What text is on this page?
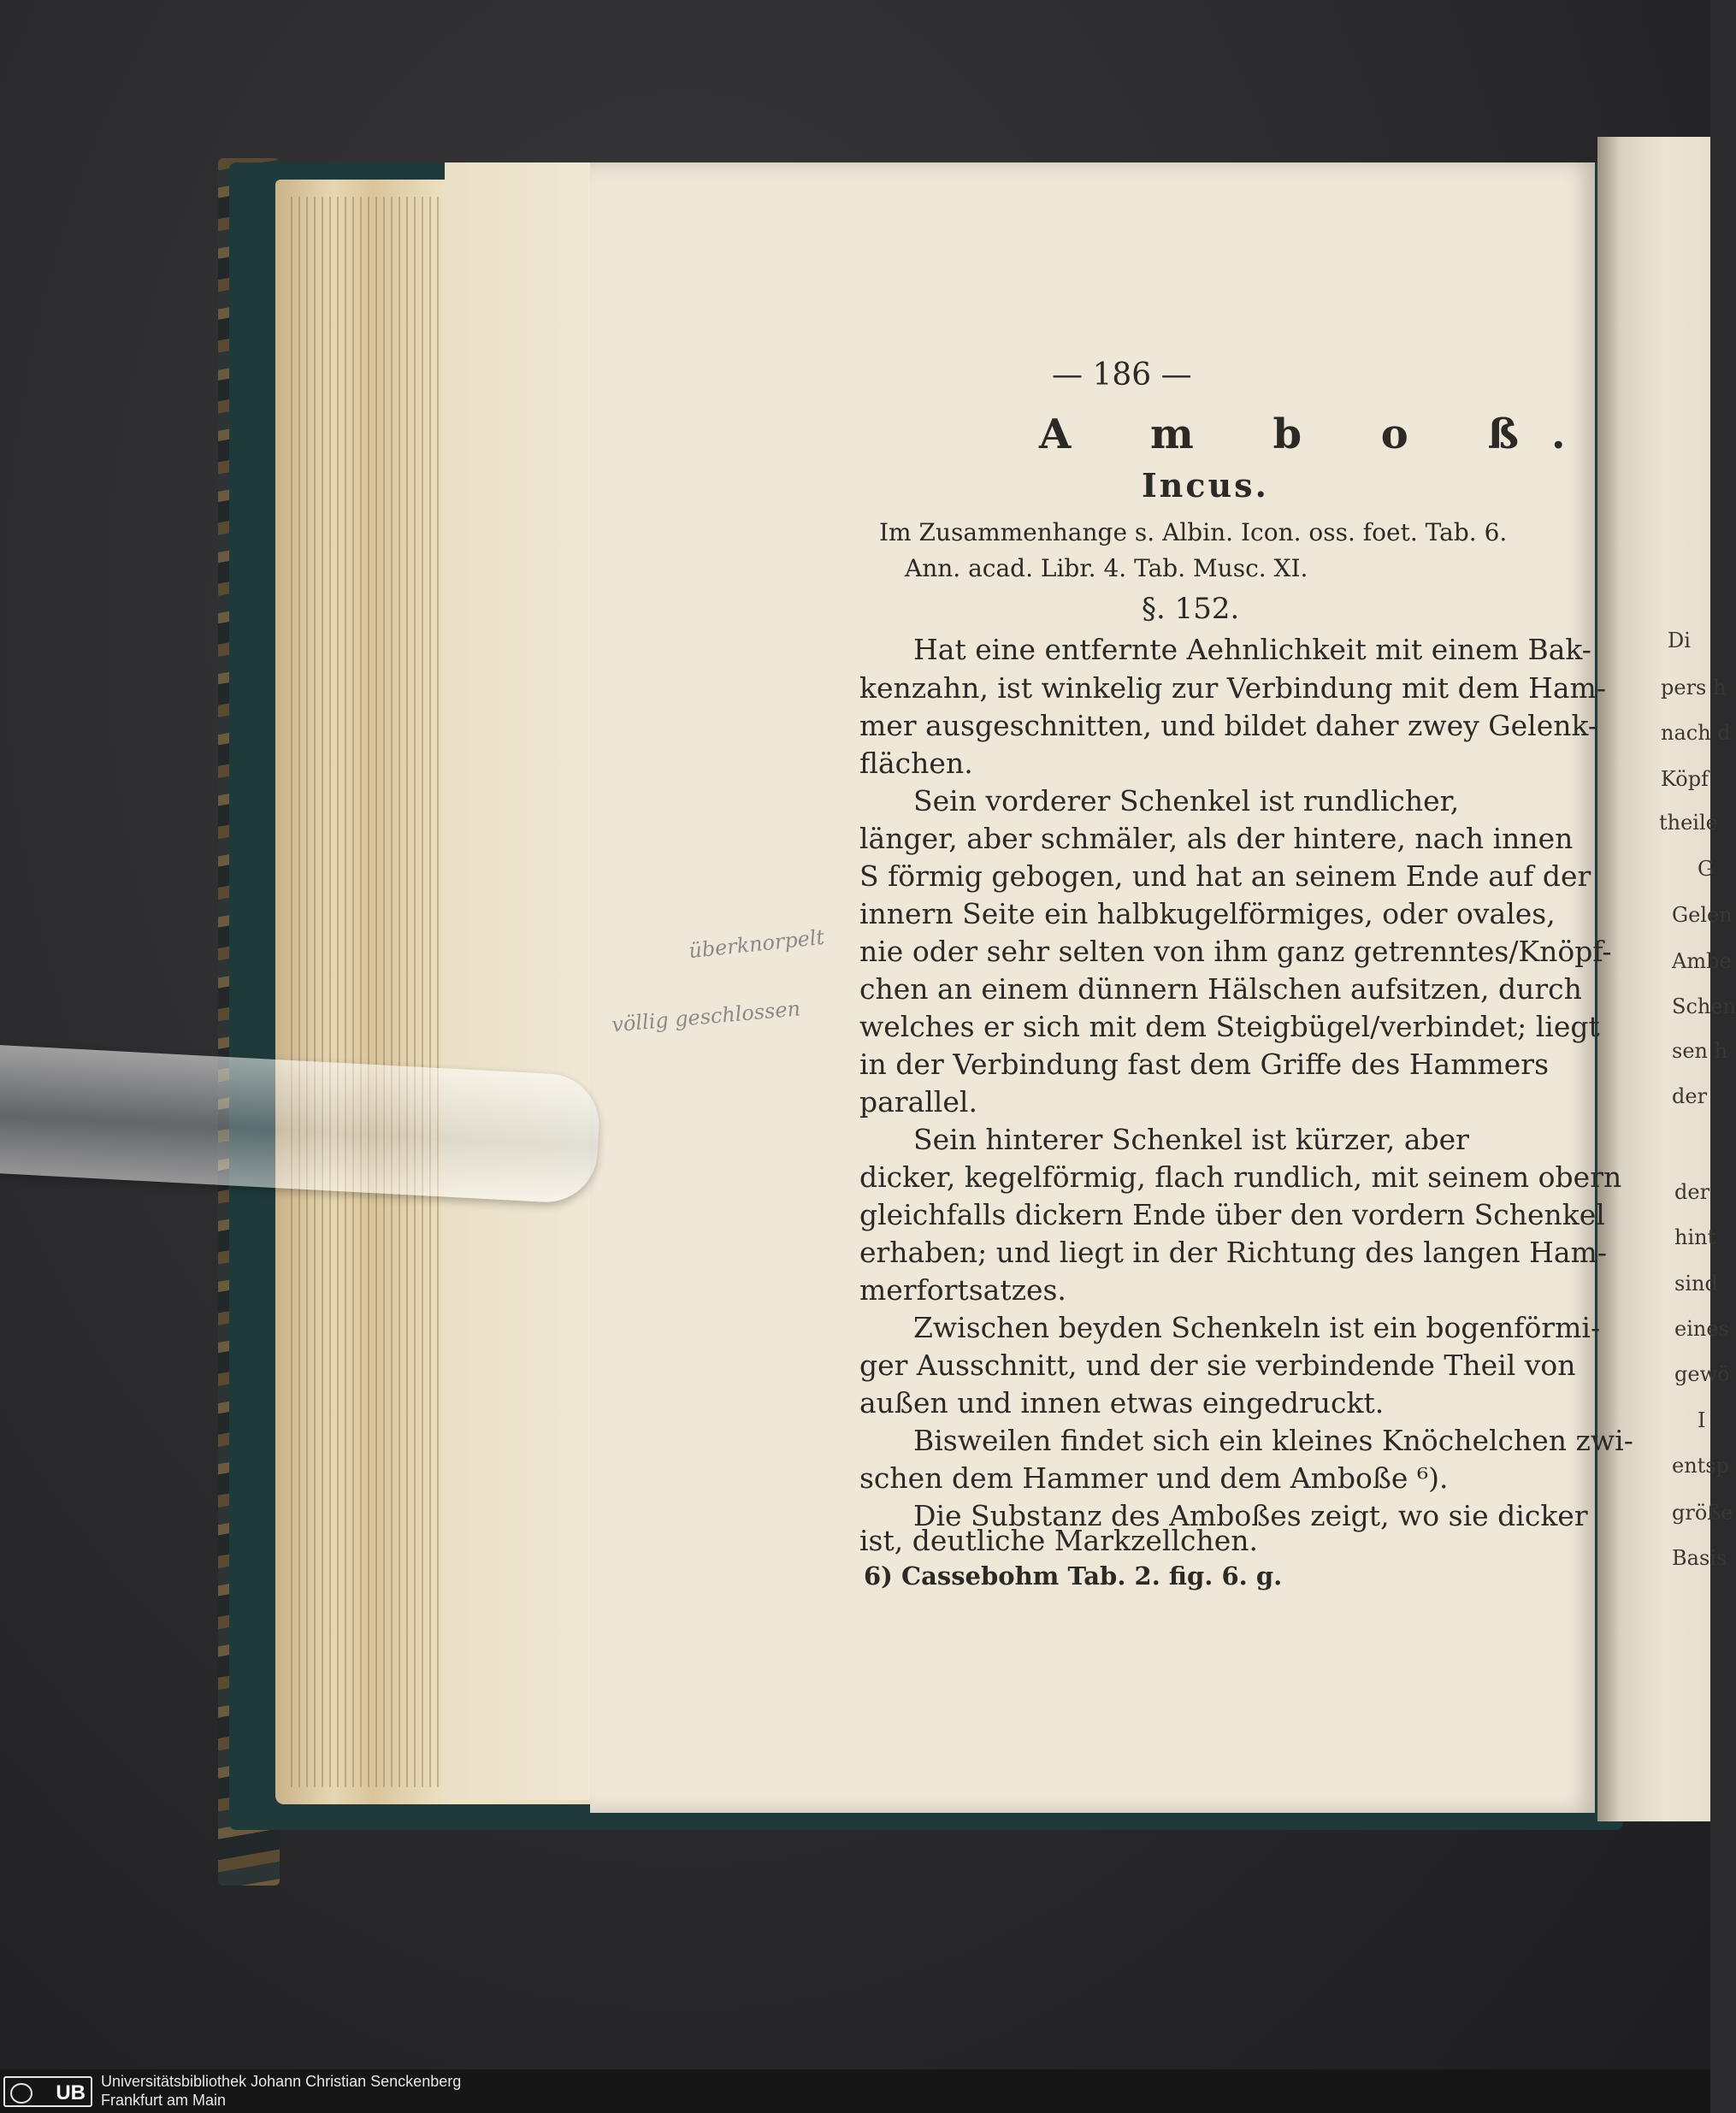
— 186 —
A m b o ß.
Incus.
Im Zusammenhange s. Albin. Icon. oss. foet. Tab. 6.
Ann. acad. Libr. 4. Tab. Musc. XI.
§. 152.
Hat eine entfernte Aehnlichkeit mit einem Bak-
kenzahn, ist winkelig zur Verbindung mit dem Ham-
mer ausgeschnitten, und bildet daher zwey Gelenk-
flächen.
Sein vorderer Schenkel ist rundlicher,
länger, aber schmäler, als der hintere, nach innen
S förmig gebogen, und hat an seinem Ende auf der
innern Seite ein halbkugelförmiges, oder ovales,
nie oder sehr selten von ihm ganz getrenntes/Knöpf-
chen an einem dünnern Hälschen aufsitzen, durch
welches er sich mit dem Steigbügel/verbindet; liegt
in der Verbindung fast dem Griffe des Hammers
parallel.
Sein hinterer Schenkel ist kürzer, aber
dicker, kegelförmig, flach rundlich, mit seinem obern
gleichfalls dickern Ende über den vordern Schenkel
erhaben; und liegt in der Richtung des langen Ham-
merfortsatzes.
Zwischen beyden Schenkeln ist ein bogenförmi-
ger Ausschnitt, und der sie verbindende Theil von
außen und innen etwas eingedruckt.
Bisweilen findet sich ein kleines Knöchelchen zwi-
schen dem Hammer und dem Amboße ⁶).
Die Substanz des Amboßes zeigt, wo sie dicker
ist, deutliche Markzellchen.
6) Cassebohm Tab. 2. fig. 6. g.
überknorpelt
völlig geschlossen
Di
pers h
nach d
Köpf
theile
G
Gelen
Ambe
Schen
sen h
der
der
hint
sind
eines
gewö
I
entsp
größe
Basis
UB	Universitätsbibliothek Johann Christian Senckenberg
Frankfurt am Main
